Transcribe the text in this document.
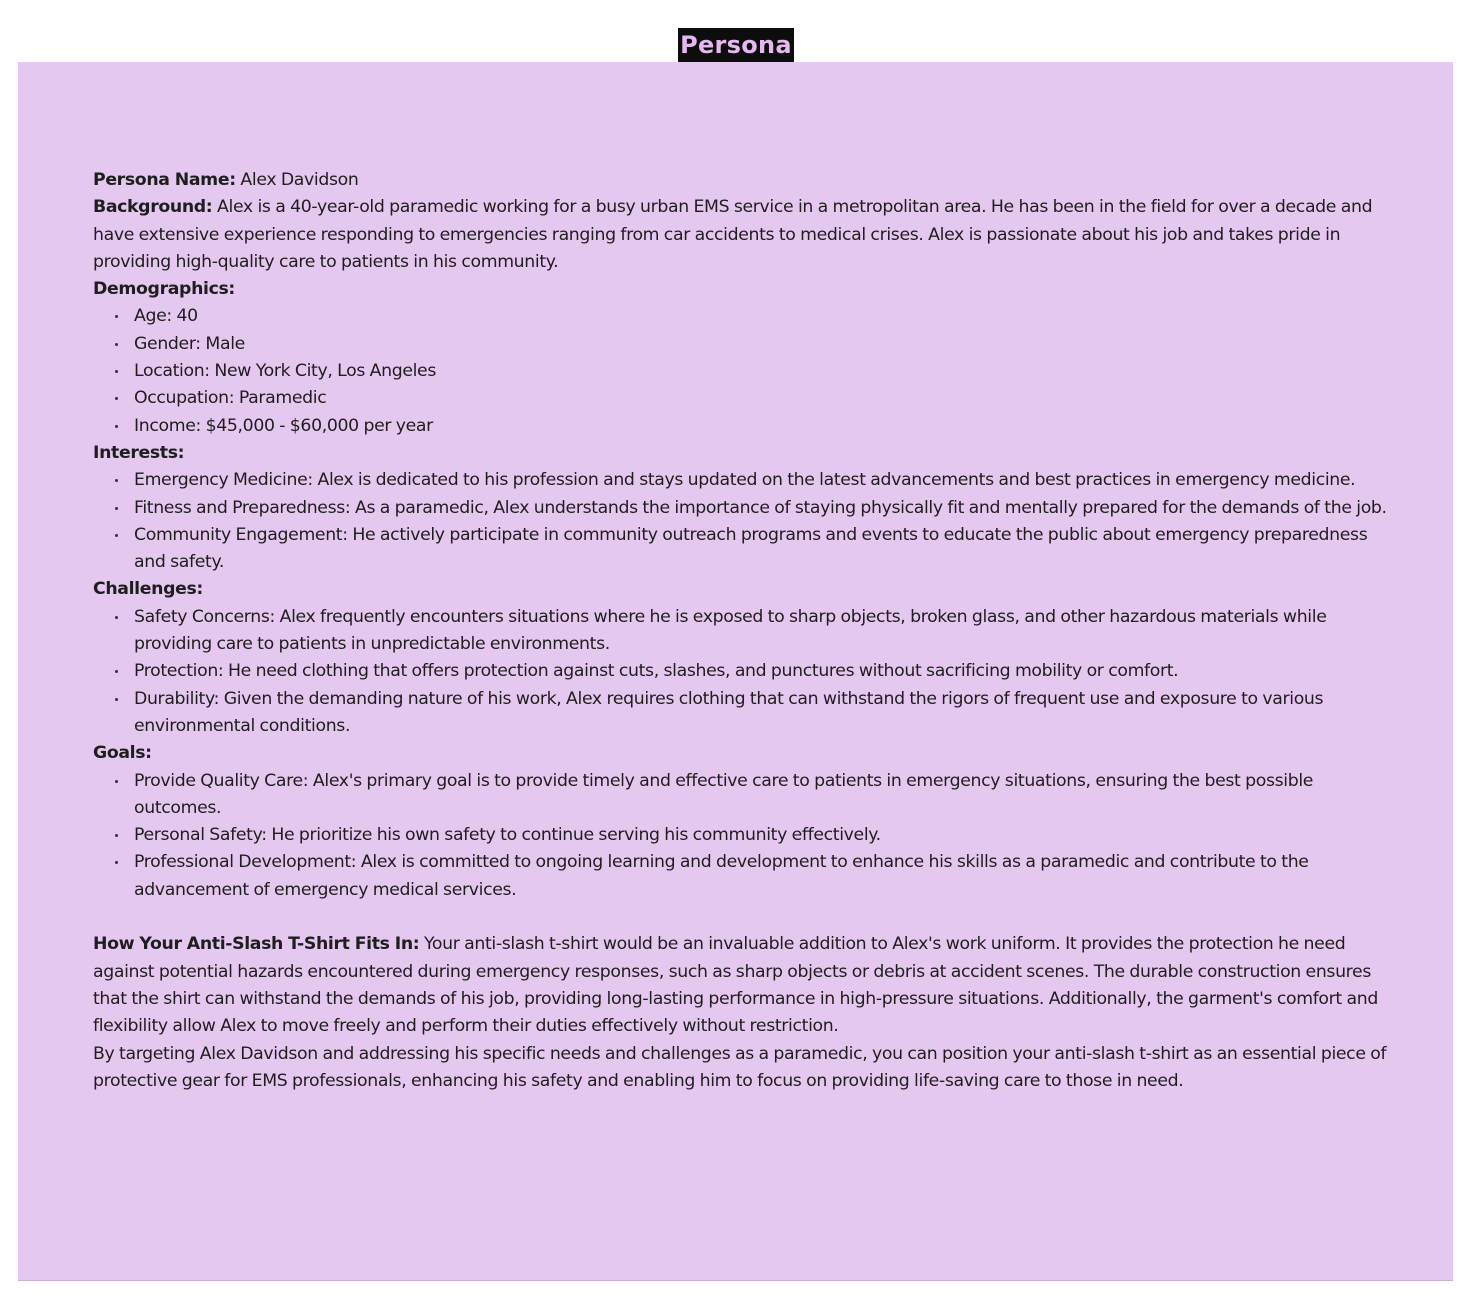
Persona

Persona Name: Alex Davidson

Background: Alex is a 40-year-old paramedic working for a busy urban EMS service in a metropolitan area. He has been in the field for over a decade and have extensive experience responding to emergencies ranging from car accidents to medical crises. Alex is passionate about his job and takes pride in providing high-quality care to patients in his community.

Demographics:

Age: 40
Gender: Male
Location: New York City, Los Angeles
Occupation: Paramedic
Income: $45,000 - $60,000 per year

Interests:

Emergency Medicine: Alex is dedicated to his profession and stays updated on the latest advancements and best practices in emergency medicine.
Fitness and Preparedness: As a paramedic, Alex understands the importance of staying physically fit and mentally prepared for the demands of the job.
Community Engagement: He actively participate in community outreach programs and events to educate the public about emergency preparedness and safety.

Challenges:

Safety Concerns: Alex frequently encounters situations where he is exposed to sharp objects, broken glass, and other hazardous materials while providing care to patients in unpredictable environments.
Protection: He need clothing that offers protection against cuts, slashes, and punctures without sacrificing mobility or comfort.
Durability: Given the demanding nature of his work, Alex requires clothing that can withstand the rigors of frequent use and exposure to various environmental conditions.

Goals:

Provide Quality Care: Alex's primary goal is to provide timely and effective care to patients in emergency situations, ensuring the best possible outcomes.
Personal Safety: He prioritize his own safety to continue serving his community effectively.
Professional Development: Alex is committed to ongoing learning and development to enhance his skills as a paramedic and contribute to the advancement of emergency medical services.

How Your Anti-Slash T-Shirt Fits In: Your anti-slash t-shirt would be an invaluable addition to Alex's work uniform. It provides the protection he need against potential hazards encountered during emergency responses, such as sharp objects or debris at accident scenes. The durable construction ensures that the shirt can withstand the demands of his job, providing long-lasting performance in high-pressure situations. Additionally, the garment's comfort and flexibility allow Alex to move freely and perform their duties effectively without restriction.

By targeting Alex Davidson and addressing his specific needs and challenges as a paramedic, you can position your anti-slash t-shirt as an essential piece of protective gear for EMS professionals, enhancing his safety and enabling him to focus on providing life-saving care to those in need.
